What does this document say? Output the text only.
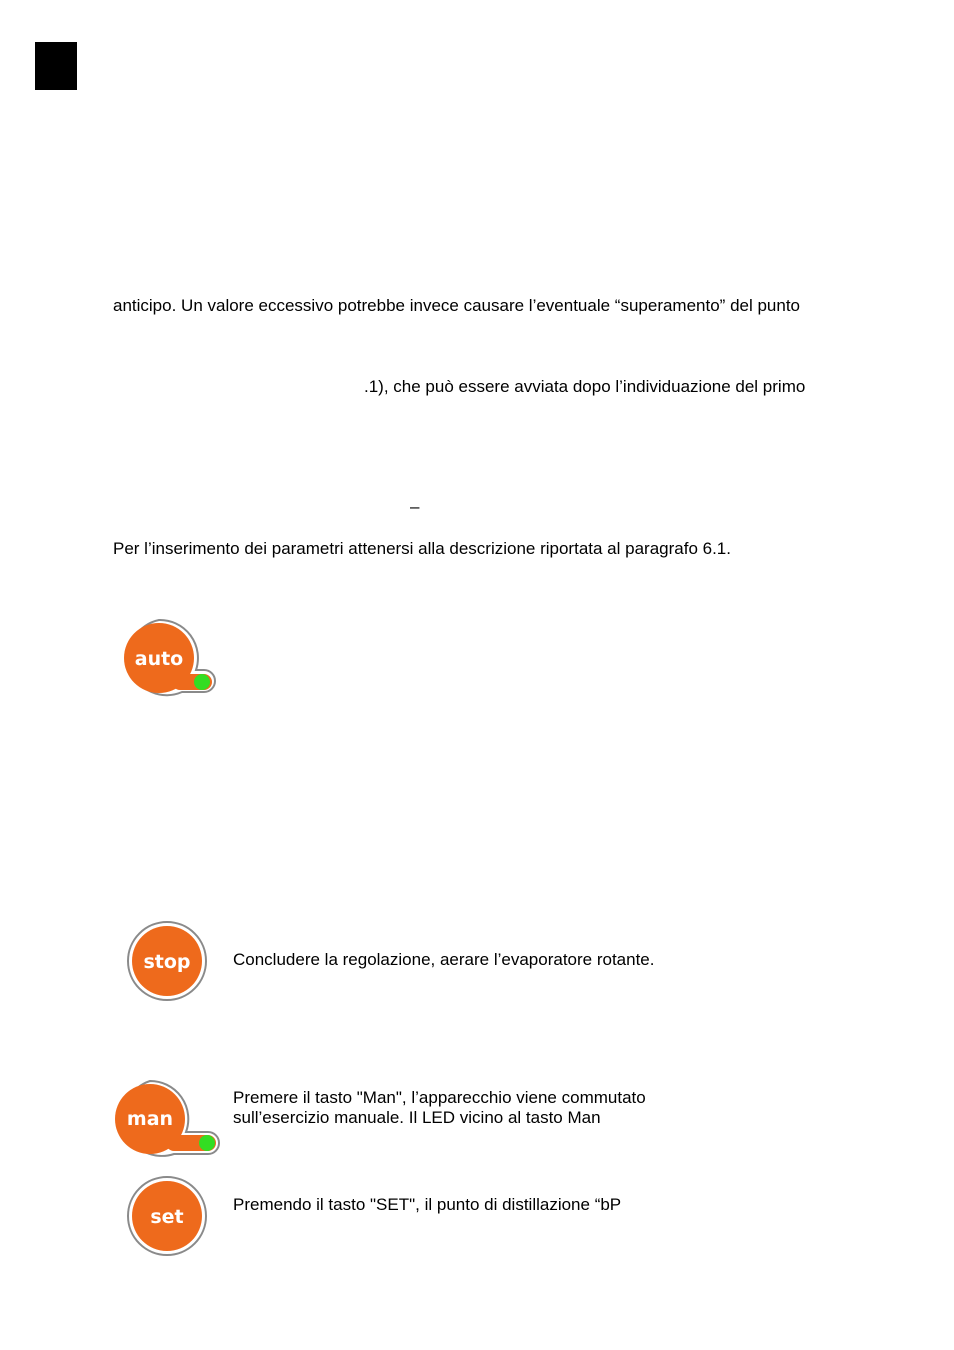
anticipo. Un valore eccessivo potrebbe invece causare l’eventuale “superamento” del punto
.1), che può essere avviata dopo l’individuazione del primo
–
Per l’inserimento dei parametri attenersi alla descrizione riportata al paragrafo 6.1.
auto
stop Concludere la regolazione, aerare l’evaporatore rotante.
man
Premere il tasto "Man", l’apparecchio viene commutato
sull’esercizio manuale. Il LED vicino al tasto Man
set
Premendo il tasto "SET", il punto di distillazione “bP
